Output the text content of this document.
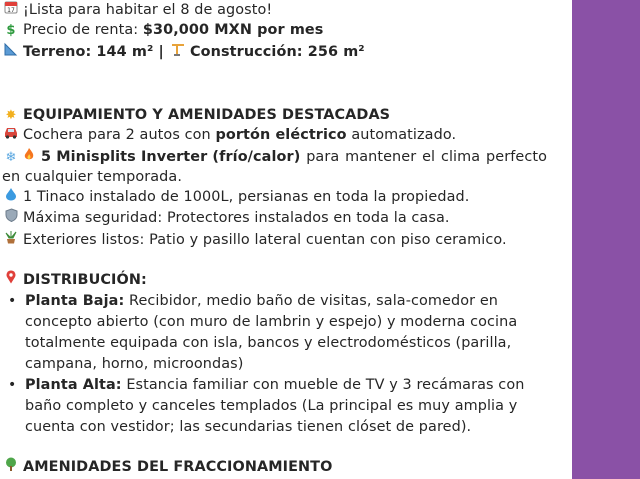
17 ¡Lista para habitar el 8 de agosto!
$ Precio de renta: $30,000 MXN por mes
Terreno: 144 m² | Construcción: 256 m²
✸ EQUIPAMIENTO Y AMENIDADES DESTACADAS
Cochera para 2 autos con portón eléctrico automatizado.
❄ 5 Minisplits Inverter (frío/calor) para mantener el clima perfecto
en cualquier temporada.
1 Tinaco instalado de 1000L, persianas en toda la propiedad.
Máxima seguridad: Protectores instalados en toda la casa.
Exteriores listos: Patio y pasillo lateral cuentan con piso ceramico.
DISTRIBUCIÓN:
• Planta Baja: Recibidor, medio baño de visitas, sala-comedor en
concepto abierto (con muro de lambrin y espejo) y moderna cocina
totalmente equipada con isla, bancos y electrodomésticos (parilla,
campana, horno, microondas)
• Planta Alta: Estancia familiar con mueble de TV y 3 recámaras con
baño completo y canceles templados (La principal es muy amplia y
cuenta con vestidor; las secundarias tienen clóset de pared).
AMENIDADES DEL FRACCIONAMIENTO
